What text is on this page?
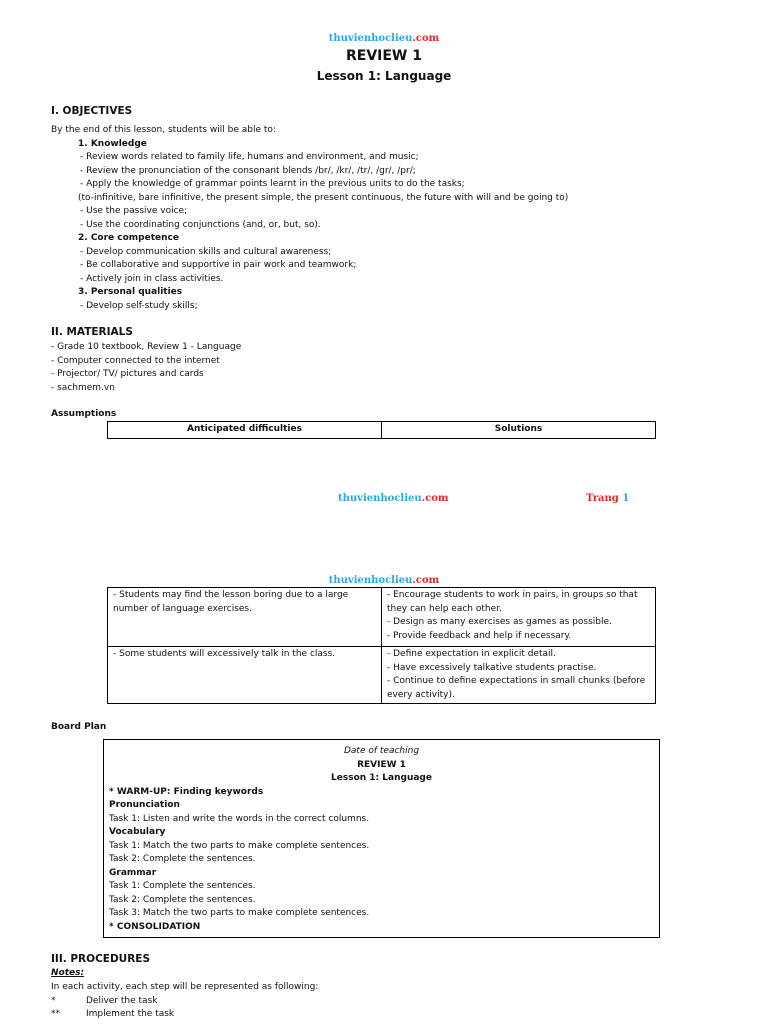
thuvienhoclieu.com
REVIEW 1
Lesson 1: Language
I. OBJECTIVES
By the end of this lesson, students will be able to:
1. Knowledge
- Review words related to family life, humans and environment, and music;
- Review the pronunciation of the consonant blends /br/, /kr/, /tr/, /gr/, /pr/;
- Apply the knowledge of grammar points learnt in the previous units to do the tasks;
(to-infinitive, bare infinitive, the present simple, the present continuous, the future with will and be going to)
- Use the passive voice;
- Use the coordinating conjunctions (and, or, but, so).
2. Core competence
- Develop communication skills and cultural awareness;
- Be collaborative and supportive in pair work and teamwork;
- Actively join in class activities.
3. Personal qualities
- Develop self-study skills;
II. MATERIALS
- Grade 10 textbook, Review 1 - Language
- Computer connected to the internet
- Projector/ TV/ pictures and cards
- sachmem.vn
Assumptions
Anticipated difficulties	Solutions
thuvienhoclieu.com	Trang 1
thuvienhoclieu.com
- Students may find the lesson boring due to a large number of language exercises.	- Encourage students to work in pairs, in groups so that they can help each other.
- Design as many exercises as games as possible.
- Provide feedback and help if necessary.

- Some students will excessively talk in the class.	- Define expectation in explicit detail.
- Have excessively talkative students practise.
- Continue to define expectations in small chunks (before every activity).
Board Plan
Date of teaching
REVIEW 1
Lesson 1: Language
* WARM-UP: Finding keywords
Pronunciation
Task 1: Listen and write the words in the correct columns.
Vocabulary
Task 1: Match the two parts to make complete sentences.
Task 2: Complete the sentences.
Grammar
Task 1: Complete the sentences.
Task 2: Complete the sentences.
Task 3: Match the two parts to make complete sentences.
* CONSOLIDATION
III. PROCEDURES
Notes:
In each activity, each step will be represented as following:
*	Deliver the task
**	Implement the task
